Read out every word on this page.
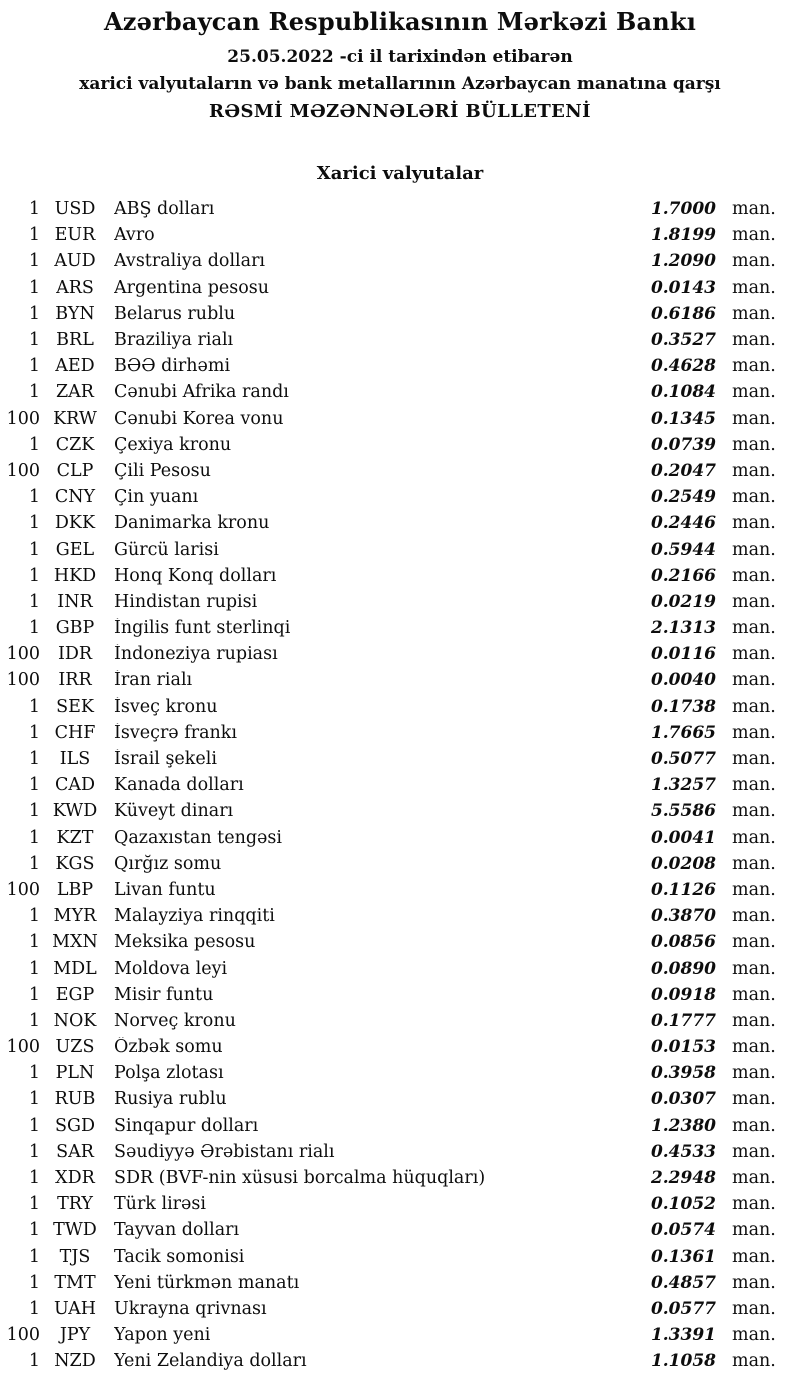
Azərbaycan Respublikasının Mərkəzi Bankı

25.05.2022 -ci il tarixindən etibarən

xarici valyutaların və bank metallarının Azərbaycan manatına qarşı

RƏSMİ MƏZƏNNƏLƏRİ BÜLLETENİ

Xarici valyutalar

1 USD	ABŞ dolları	1.7000 man.
1 EUR	Avro	1.8199 man.
1 AUD	Avstraliya dolları	1.2090 man.
1 ARS	Argentina pesosu	0.0143 man.
1 BYN	Belarus rublu	0.6186 man.
1 BRL	Braziliya rialı	0.3527 man.
1 AED	BƏƏ dirhəmi	0.4628 man.
1 ZAR	Cənubi Afrika randı	0.1084 man.
100 KRW Cənubi Korea vonu	0.1345 man.
1 CZK	Çexiya kronu	0.0739 man.
100 CLP	Çili Pesosu	0.2047 man.
1 CNY	Çin yuanı	0.2549 man.
1 DKK	Danimarka kronu	0.2446 man.
1 GEL	Gürcü larisi	0.5944 man.
1 HKD	Honq Konq dolları	0.2166 man.
1 INR	Hindistan rupisi	0.0219 man.
1 GBP	İngilis funt sterlinqi	2.1313 man.
100	IDR	İndoneziya rupiası	0.0116 man.
100	IRR	İran rialı	0.0040 man.
1 SEK	İsveç kronu	0.1738 man.
1 CHF	İsveçrə frankı	1.7665 man.
1	ILS	İsrail şekeli	0.5077 man.
1 CAD	Kanada dolları	1.3257 man.
1 KWD Küveyt dinarı	5.5586 man.
1 KZT	Qazaxıstan tengəsi	0.0041 man.
1 KGS	Qırğız somu	0.0208 man.
100 LBP	Livan funtu	0.1126 man.
1 MYR	Malayziya rinqqiti	0.3870 man.
1 MXN Meksika pesosu	0.0856 man.
1 MDL Moldova leyi	0.0890 man.
1 EGP	Misir funtu	0.0918 man.
1 NOK	Norveç kronu	0.1777 man.
100 UZS	Özbək somu	0.0153 man.
1 PLN	Polşa zlotası	0.3958 man.
1 RUB	Rusiya rublu	0.0307 man.
1 SGD	Sinqapur dolları	1.2380 man.
1 SAR	Səudiyyə Ərəbistanı rialı	0.4533 man.
1 XDR	SDR (BVF-nin xüsusi borcalma hüquqları)	2.2948 man.
1 TRY	Türk lirəsi	0.1052 man.
1 TWD Tayvan dolları	0.0574 man.
1	TJS	Tacik somonisi	0.1361 man.
1 TMT	Yeni türkmən manatı	0.4857 man.
1 UAH	Ukrayna qrivnası	0.0577 man.
100	JPY	Yapon yeni	1.3391 man.
1 NZD	Yeni Zelandiya dolları	1.1058 man.
